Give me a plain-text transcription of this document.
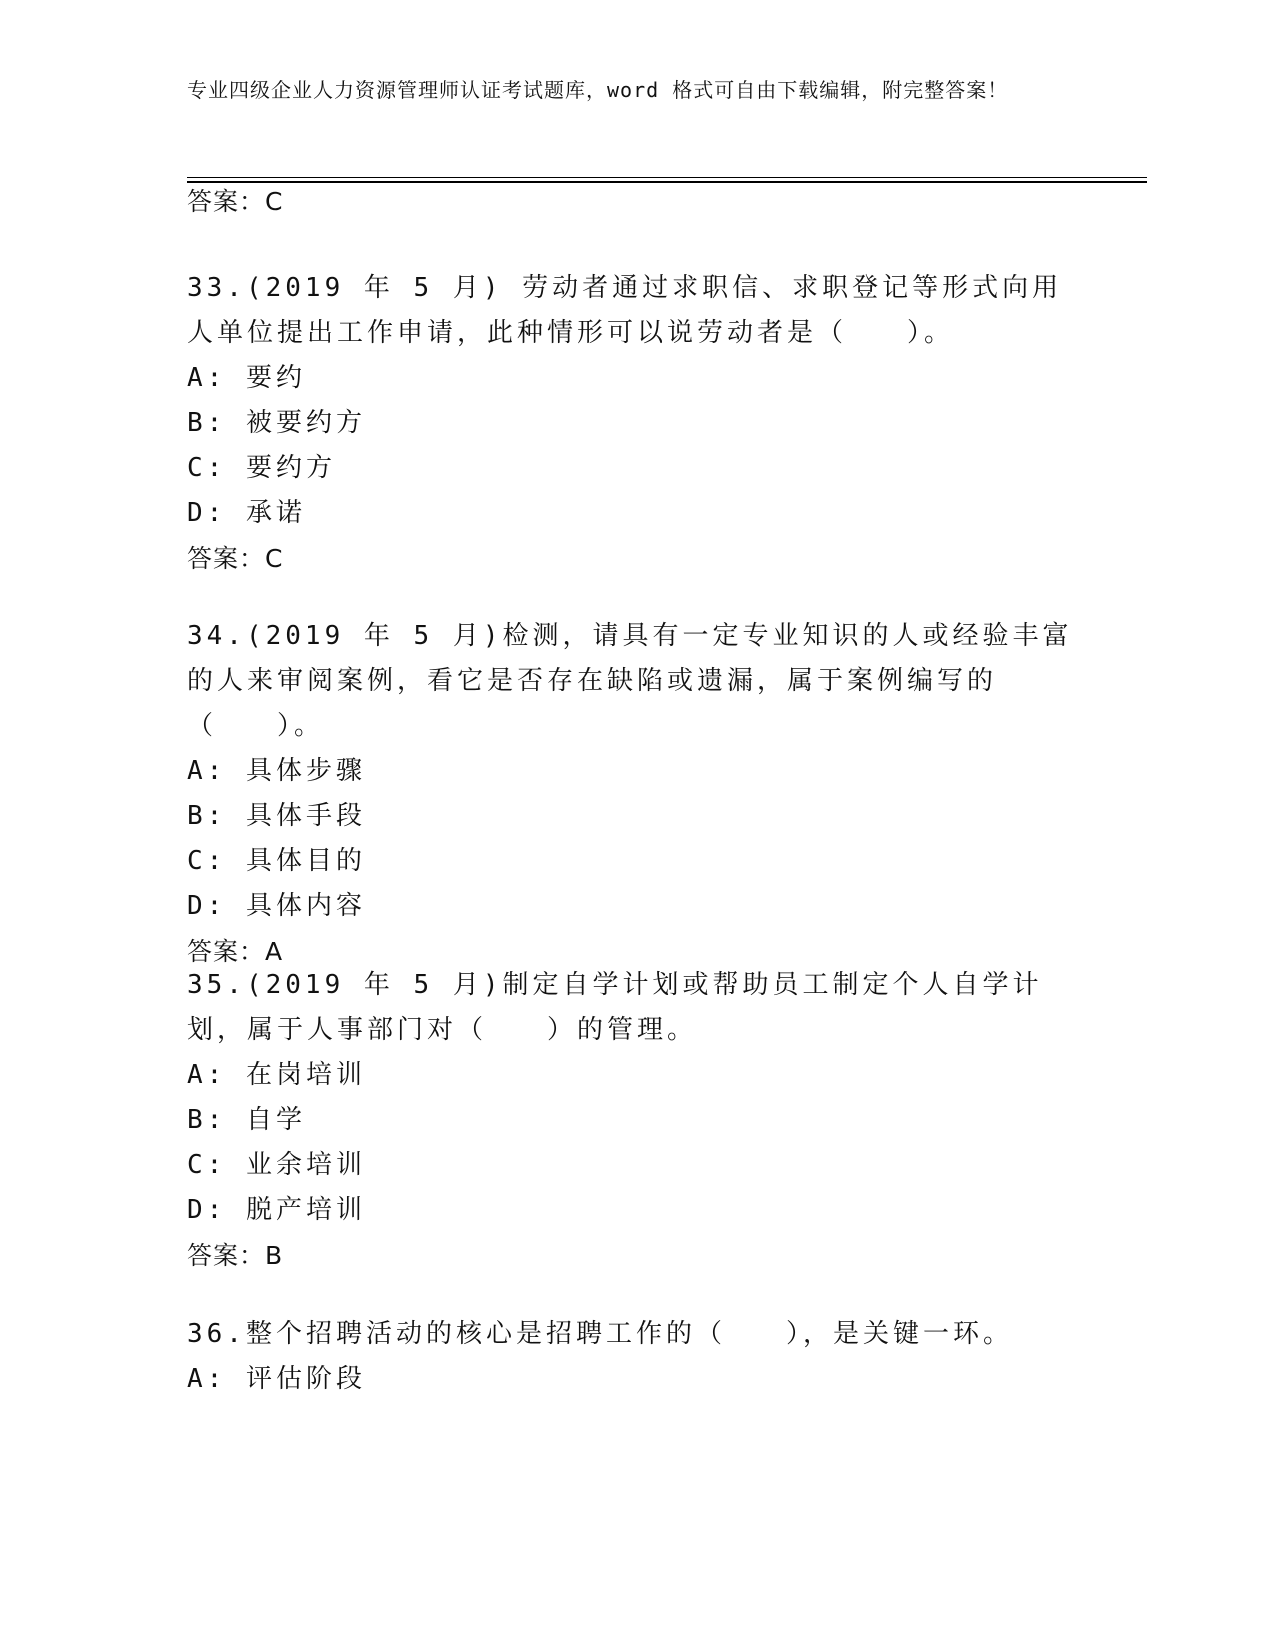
专业四级企业人力资源管理师认证考试题库，word 格式可自由下载编辑，附完整答案！
答案：C

33.(2019 年 5 月) 劳动者通过求职信、求职登记等形式向用人单位提出工作申请，此种情形可以说劳动者是（　　）。

A: 要约

B: 被要约方

C: 要约方

D: 承诺

答案：C

34.(2019 年 5 月)检测，请具有一定专业知识的人或经验丰富的人来审阅案例，看它是否存在缺陷或遗漏，属于案例编写的（　　）。

A: 具体步骤

B: 具体手段

C: 具体目的

D: 具体内容

答案：A

35.(2019 年 5 月)制定自学计划或帮助员工制定个人自学计划，属于人事部门对（　　）的管理。

A: 在岗培训

B: 自学

C: 业余培训

D: 脱产培训

答案：B

36.整个招聘活动的核心是招聘工作的（　　），是关键一环。

A: 评估阶段
